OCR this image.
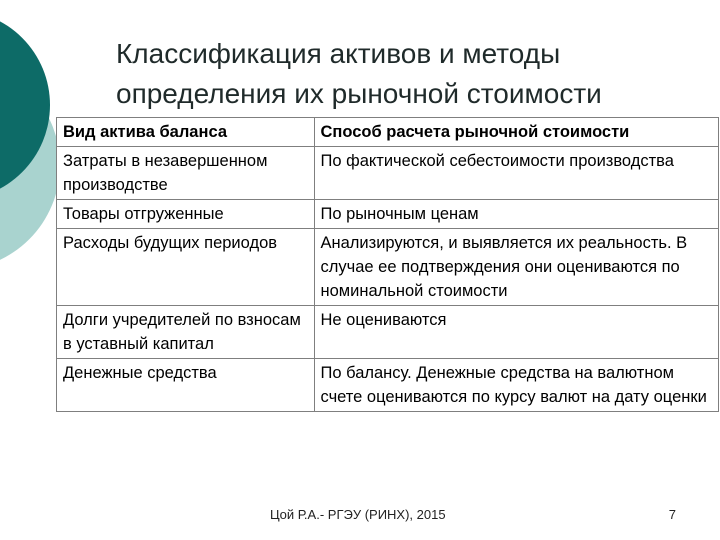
Классификация активов и методы
определения их рыночной стоимости
Вид актива баланса	Способ расчета рыночной стоимости
Затраты в незавершенном производстве	По фактической себестоимости производства
Товары отгруженные	По рыночным ценам
Расходы будущих периодов	Анализируются, и выявляется их реальность. В случае ее подтверждения они оцениваются по номинальной стоимости
Долги учредителей по взносам в уставный капитал	Не оцениваются
Денежные средства	По балансу. Денежные средства на валютном счете оцениваются по курсу валют на дату оценки
Цой Р.А.- РГЭУ (РИНХ), 2015	7
